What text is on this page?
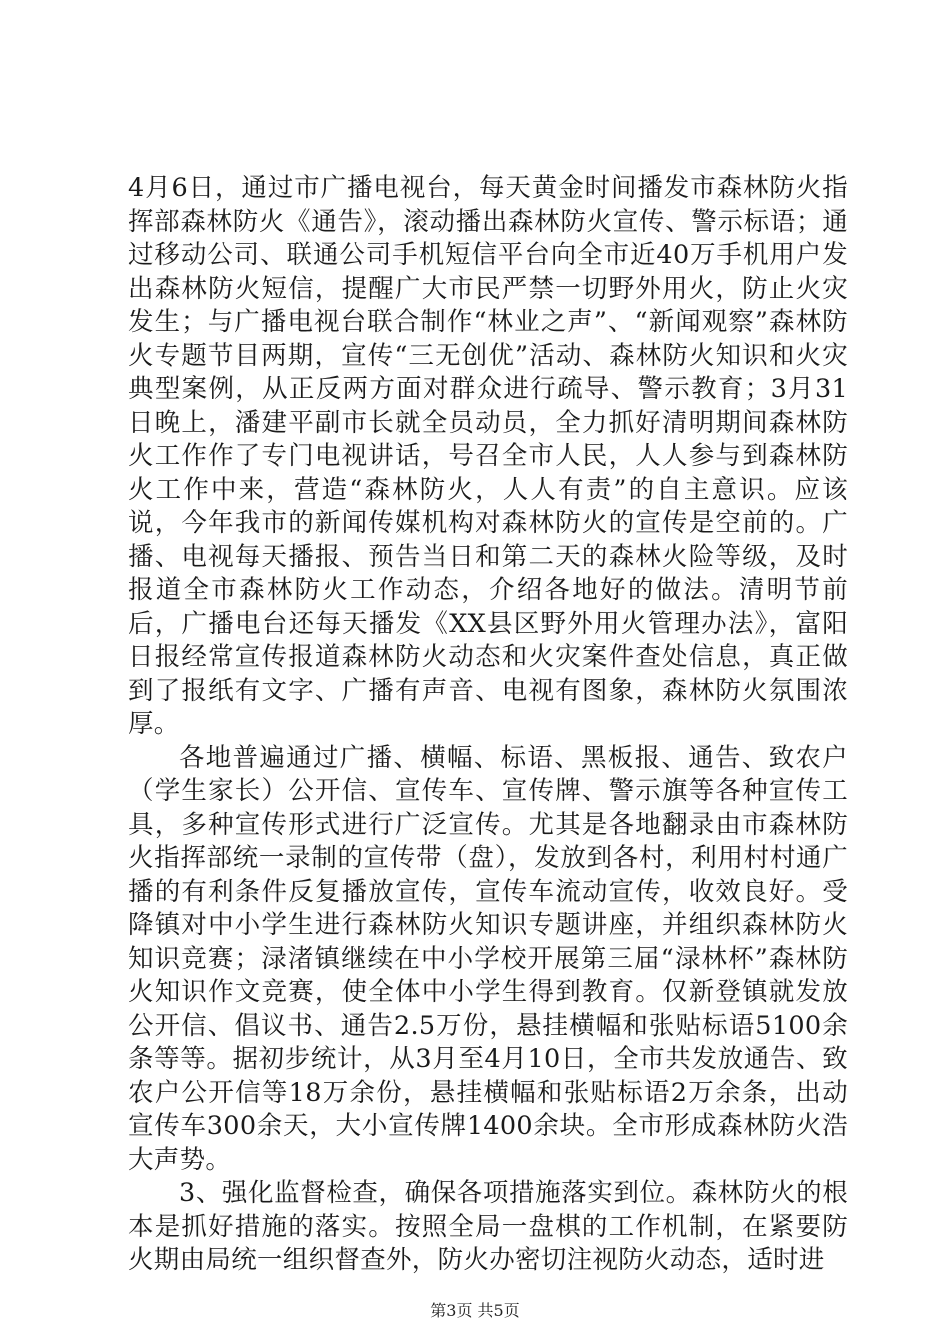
4月6日，通过市广播电视台，每天黄金时间播发市森林防火指挥部森林防火《通告》，滚动播出森林防火宣传、警示标语；通过移动公司、联通公司手机短信平台向全市近40万手机用户发出森林防火短信，提醒广大市民严禁一切野外用火，防止火灾发生；与广播电视台联合制作“林业之声”、“新闻观察”森林防火专题节目两期，宣传“三无创优”活动、森林防火知识和火灾典型案例，从正反两方面对群众进行疏导、警示教育；3月31日晚上，潘建平副市长就全员动员，全力抓好清明期间森林防火工作作了专门电视讲话，号召全市人民，人人参与到森林防火工作中来，营造“森林防火，人人有责”的自主意识。应该说，今年我市的新闻传媒机构对森林防火的宣传是空前的。广播、电视每天播报、预告当日和第二天的森林火险等级，及时报道全市森林防火工作动态，介绍各地好的做法。清明节前后，广播电台还每天播发《XX县区野外用火管理办法》，富阳日报经常宣传报道森林防火动态和火灾案件查处信息，真正做到了报纸有文字、广播有声音、电视有图象，森林防火氛围浓厚。

各地普遍通过广播、横幅、标语、黑板报、通告、致农户（学生家长）公开信、宣传车、宣传牌、警示旗等各种宣传工具，多种宣传形式进行广泛宣传。尤其是各地翻录由市森林防火指挥部统一录制的宣传带（盘），发放到各村，利用村村通广播的有利条件反复播放宣传，宣传车流动宣传，收效良好。受降镇对中小学生进行森林防火知识专题讲座，并组织森林防火知识竞赛；渌渚镇继续在中小学校开展第三届“渌林杯”森林防火知识作文竞赛，使全体中小学生得到教育。仅新登镇就发放公开信、倡议书、通告2.5万份，悬挂横幅和张贴标语5100余条等等。据初步统计，从3月至4月10日，全市共发放通告、致农户公开信等18万余份，悬挂横幅和张贴标语2万余条，出动宣传车300余天，大小宣传牌1400余块。全市形成森林防火浩大声势。

3、强化监督检查，确保各项措施落实到位。森林防火的根本是抓好措施的落实。按照全局一盘棋的工作机制，在紧要防火期由局统一组织督查外，防火办密切注视防火动态，适时进

第3页 共5页
